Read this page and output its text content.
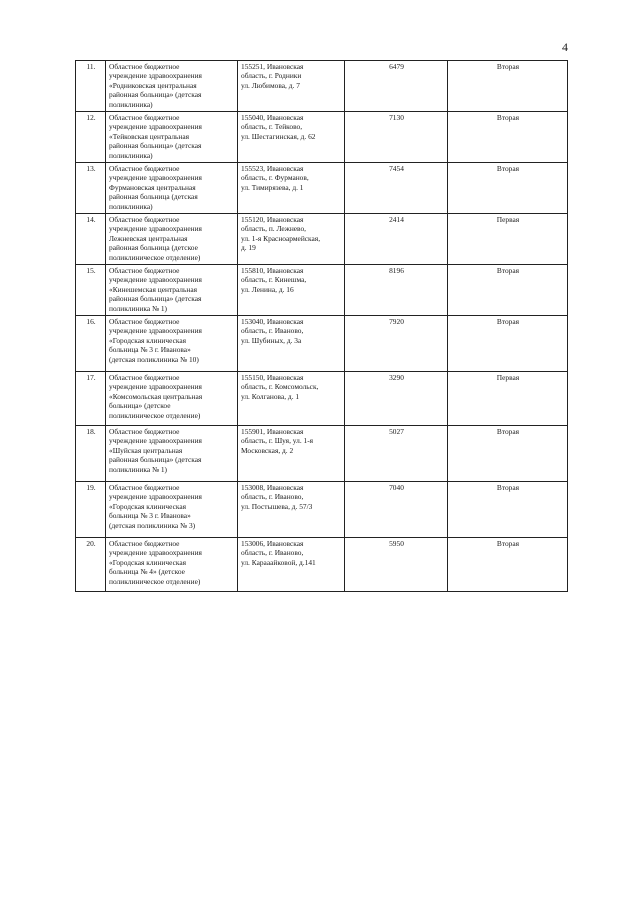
4
11.	Областное бюджетное
учреждение здравоохранения
«Родниковская центральная
районная больница» (детская
поликлиника)	155251, Ивановская
область, г. Родники
ул. Любимова, д. 7	6479	Вторая
12.	Областное бюджетное
учреждение здравоохранения
«Тейковская центральная
районная больница» (детская
поликлиника)	155040, Ивановская
область, г. Тейково,
ул. Шестагинская, д. 62	7130	Вторая
13.	Областное бюджетное
учреждение здравоохранения
Фурмановская центральная
районная больница (детская
поликлиника)	155523, Ивановская
область, г. Фурманов,
ул. Тимирязева, д. 1	7454	Вторая
14.	Областное бюджетное
учреждение здравоохранения
Лежневская центральная
районная больница (детское
поликлиническое отделение)	155120, Ивановская
область, п. Лежнево,
ул. 1-я Красноармейская,
д. 19	2414	Первая
15.	Областное бюджетное
учреждение здравоохранения
«Кинешемская центральная
районная больница» (детская
поликлиника № 1)	155810, Ивановская
область, г. Кинешма,
ул. Ленина, д. 16	8196	Вторая
16.	Областное бюджетное
учреждение здравоохранения
«Городская клиническая
больница № 3 г. Иванова»
(детская поликлиника № 10)	153040, Ивановская
область, г. Иваново,
ул. Шубиных, д. 3а	7920	Вторая
17.	Областное бюджетное
учреждение здравоохранения
«Комсомольская центральная
больница» (детское
поликлиническое отделение)	155150, Ивановская
область, г. Комсомольск,
ул. Колганова, д. 1	3290	Первая
18.	Областное бюджетное
учреждение здравоохранения
«Шуйская центральная
районная больница» (детская
поликлиника № 1)	155901, Ивановская
область, г. Шуя, ул. 1-я
Московская, д. 2	5027	Вторая
19.	Областное бюджетное
учреждение здравоохранения
«Городская клиническая
больница № 3 г. Иванова»
(детская поликлиника № 3)	153008, Ивановская
область, г. Иваново,
ул. Постышева, д. 57/3	7040	Вторая
20.	Областное бюджетное
учреждение здравоохранения
«Городская клиническая
больница № 4» (детское
поликлиническое отделение)	153006, Ивановская
область, г. Иваново,
ул. Карааайковой, д.141	5950	Вторая
